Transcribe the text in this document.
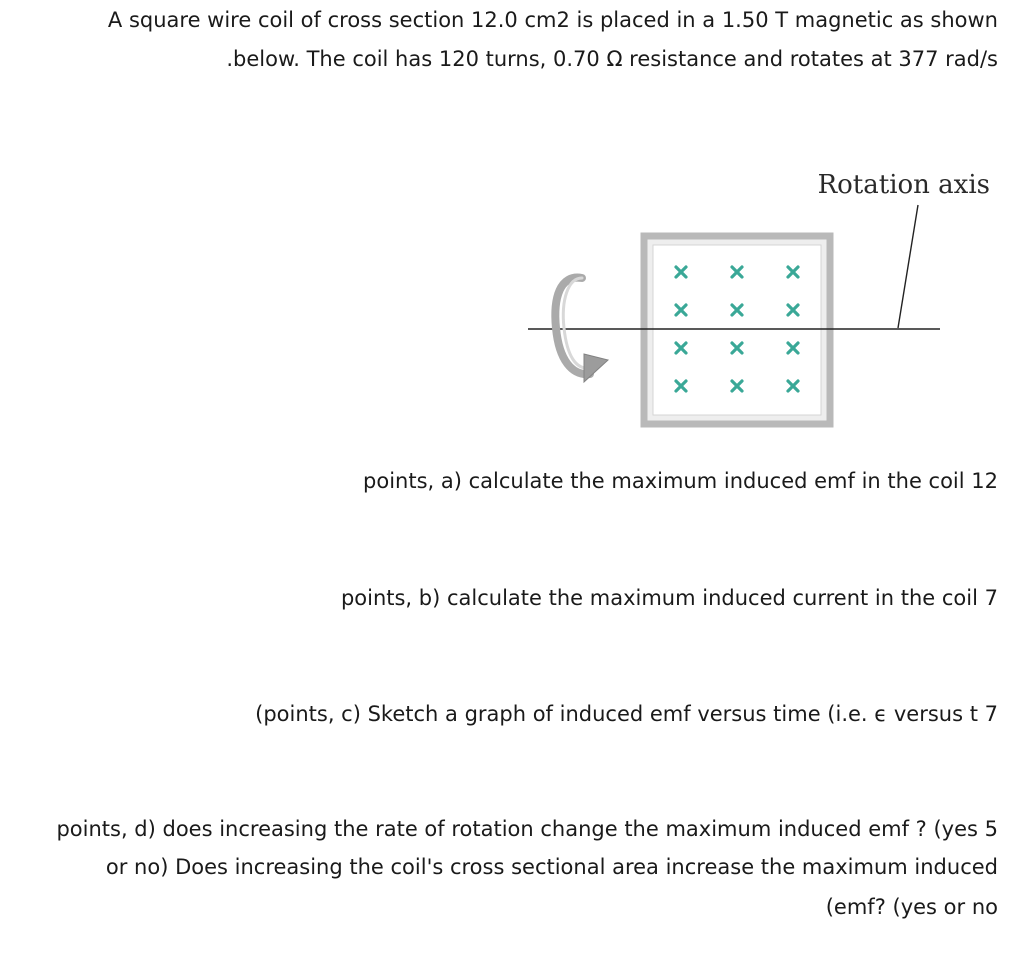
A square wire coil of cross section 12.0 cm2 is placed in a 1.50 T magnetic as shown

.below. The coil has 120 turns, 0.70 Ω resistance and rotates at 377 rad/s

Rotation axis

points, a) calculate the maximum induced emf in the coil 12

points, b) calculate the maximum induced current in the coil 7

(points, c) Sketch a graph of induced emf versus time (i.e. ϵ versus t 7

points, d) does increasing the rate of rotation change the maximum induced emf ? (yes 5

or no) Does increasing the coil's cross sectional area increase the maximum induced

(emf? (yes or no
